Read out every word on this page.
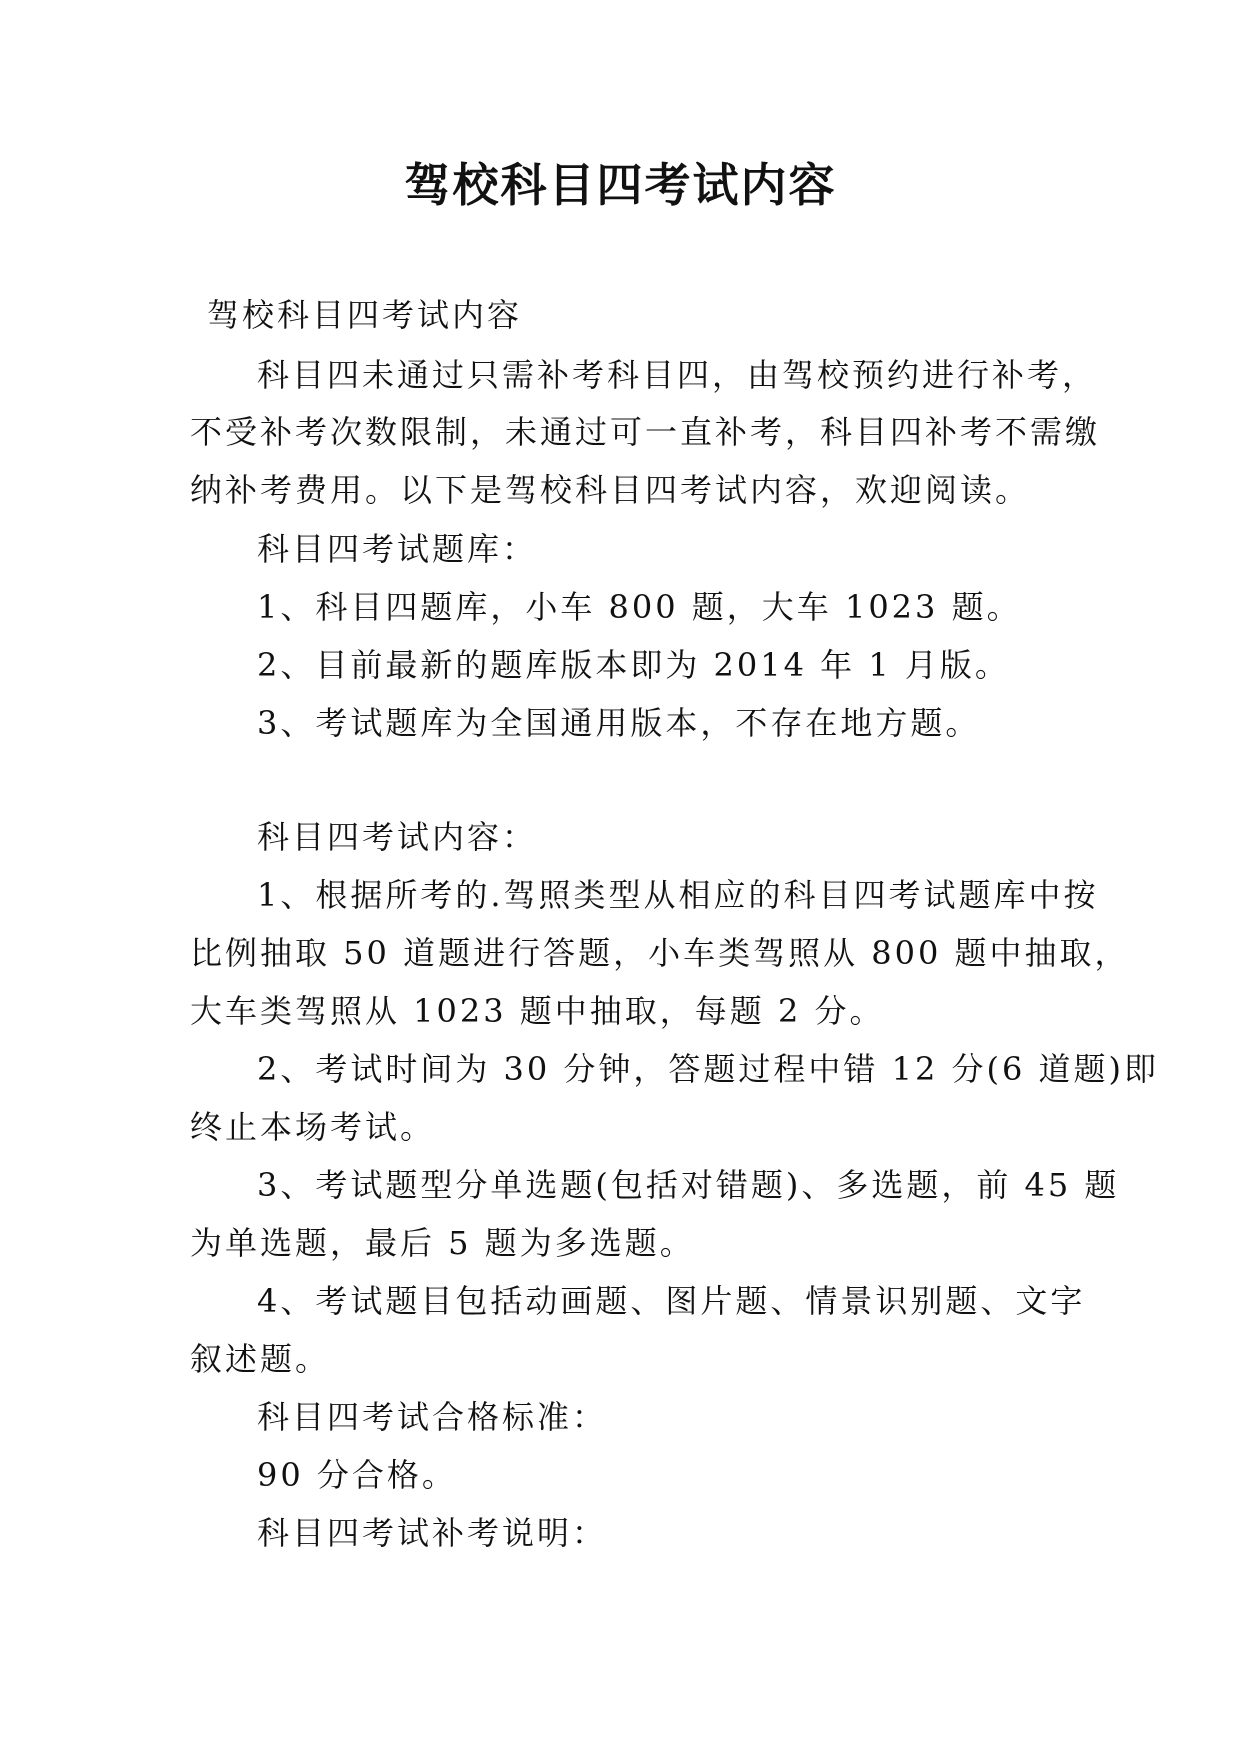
驾校科目四考试内容
驾校科目四考试内容
科目四未通过只需补考科目四，由驾校预约进行补考，
不受补考次数限制，未通过可一直补考，科目四补考不需缴
纳补考费用。以下是驾校科目四考试内容，欢迎阅读。
科目四考试题库：
1、科目四题库，小车 800 题，大车 1023 题。
2、目前最新的题库版本即为 2014 年 1 月版。
3、考试题库为全国通用版本，不存在地方题。
科目四考试内容：
1、根据所考的.驾照类型从相应的科目四考试题库中按
比例抽取 50 道题进行答题，小车类驾照从 800 题中抽取，
大车类驾照从 1023 题中抽取，每题 2 分。
2、考试时间为 30 分钟，答题过程中错 12 分(6 道题)即
终止本场考试。
3、考试题型分单选题(包括对错题)、多选题，前 45 题
为单选题，最后 5 题为多选题。
4、考试题目包括动画题、图片题、情景识别题、文字
叙述题。
科目四考试合格标准：
90 分合格。
科目四考试补考说明：
